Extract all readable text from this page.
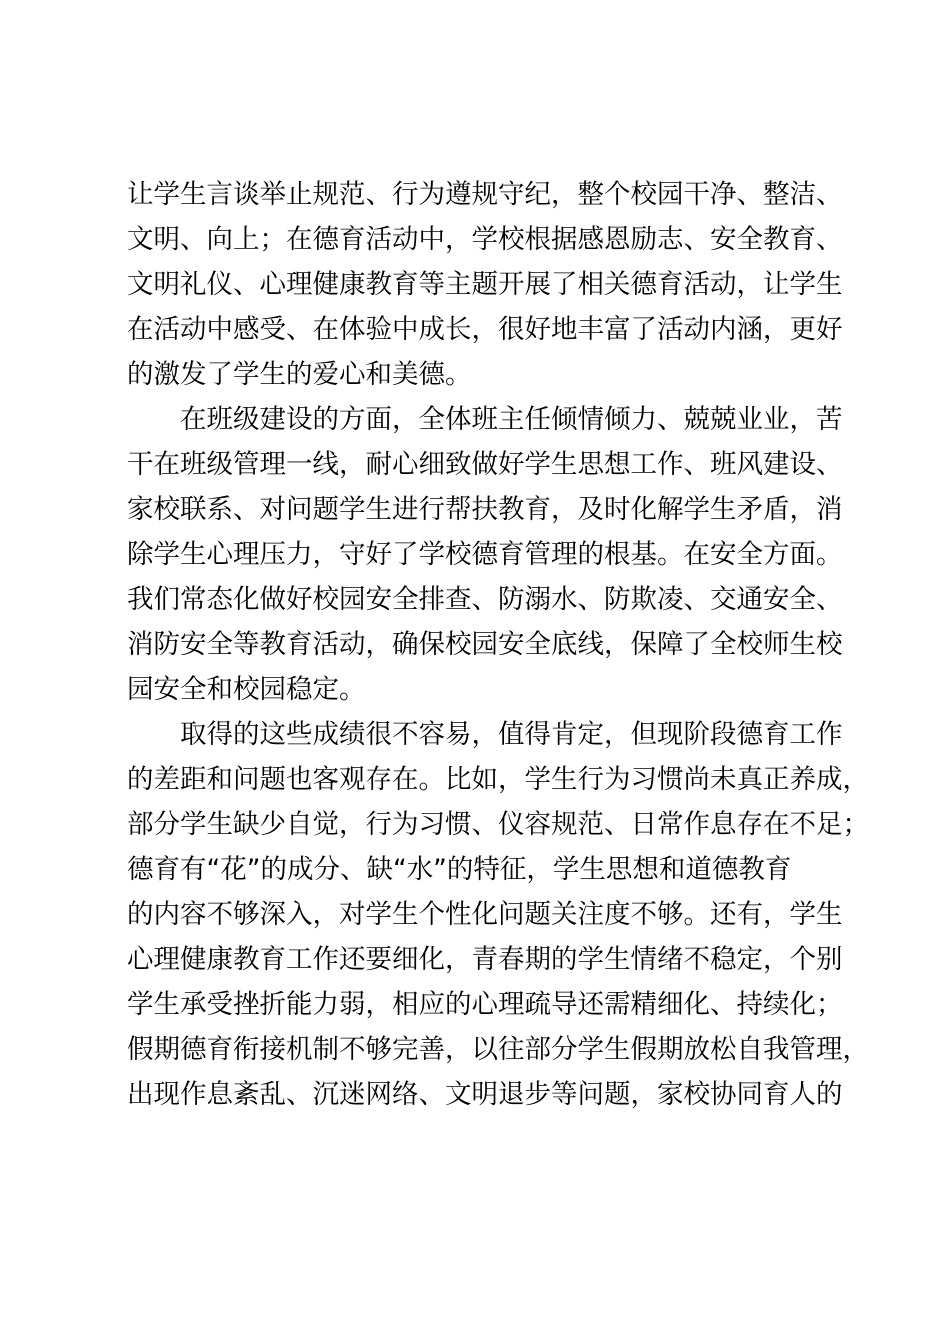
让学生言谈举止规范、行为遵规守纪，整个校园干净、整洁、
文明、向上；在德育活动中，学校根据感恩励志、安全教育、
文明礼仪、心理健康教育等主题开展了相关德育活动，让学生
在活动中感受、在体验中成长，很好地丰富了活动内涵，更好
的激发了学生的爱心和美德。
在班级建设的方面，全体班主任倾情倾力、兢兢业业，苦
干在班级管理一线，耐心细致做好学生思想工作、班风建设、
家校联系、对问题学生进行帮扶教育，及时化解学生矛盾，消
除学生心理压力，守好了学校德育管理的根基。在安全方面。
我们常态化做好校园安全排查、防溺水、防欺凌、交通安全、
消防安全等教育活动，确保校园安全底线，保障了全校师生校
园安全和校园稳定。
取得的这些成绩很不容易，值得肯定，但现阶段德育工作
的差距和问题也客观存在。比如，学生行为习惯尚未真正养成，
部分学生缺少自觉，行为习惯、仪容规范、日常作息存在不足；
德育有“花”的成分、缺“水”的特征，学生思想和道德教育
的内容不够深入，对学生个性化问题关注度不够。还有，学生
心理健康教育工作还要细化，青春期的学生情绪不稳定，个别
学生承受挫折能力弱，相应的心理疏导还需精细化、持续化；
假期德育衔接机制不够完善，以往部分学生假期放松自我管理，
出现作息紊乱、沉迷网络、文明退步等问题，家校协同育人的
